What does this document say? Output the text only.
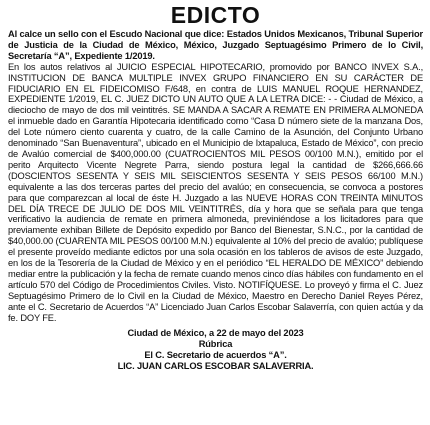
EDICTO

Al calce un sello con el Escudo Nacional que dice: Estados Unidos Mexicanos, Tribunal Superior de Justicia de la Ciudad de México, México, Juzgado Septuagésimo Primero de lo Civil, Secretaría “A”, Expediente 1/2019.

En los autos relativos al JUICIO ESPECIAL HIPOTECARIO, promovido por BANCO INVEX S.A., INSTITUCION DE BANCA MULTIPLE INVEX GRUPO FINANCIERO EN SU CARÁCTER DE FIDUCIARIO EN EL FIDEICOMISO F/648, en contra de LUIS MANUEL ROQUE HERNANDEZ, EXPEDIENTE 1/2019, EL C. JUEZ DICTO UN AUTO QUE A LA LETRA DICE: - - Ciudad de México, a dieciocho de mayo de dos mil veintitrés. SE MANDA A SACAR A REMATE EN PRIMERA ALMONEDA el inmueble dado en Garantía Hipotecaria identificado como “Casa D número siete de la manzana Dos, del Lote número ciento cuarenta y cuatro, de la calle Camino de la Asunción, del Conjunto Urbano denominado “San Buenaventura”, ubicado en el Municipio de Ixtapaluca, Estado de México”, con precio de Avalúo comercial de $400,000.00 (CUATROCIENTOS MIL PESOS 00/100 M.N.), emitido por el perito Arquitecto Vicente Negrete Parra, siendo postura legal la cantidad de $266,666.66 (DOSCIENTOS SESENTA Y SEIS MIL SEISCIENTOS SESENTA Y SEIS PESOS 66/100 M.N.) equivalente a las dos terceras partes del precio del avalúo; en consecuencia, se convoca a postores para que comparezcan al local de éste H. Juzgado a las NUEVE HORAS CON TREINTA MINUTOS DEL DÍA TRECE DE JULIO DE DOS MIL VEINTITRÉS, día y hora que se señala para que tenga verificativo la audiencia de remate en primera almoneda, previniéndose a los licitadores para que previamente exhiban Billete de Depósito expedido por Banco del Bienestar, S.N.C., por la cantidad de $40,000.00 (CUARENTA MIL PESOS 00/100 M.N.) equivalente al 10% del precio de avalúo; publíquese el presente proveído mediante edictos por una sola ocasión en los tableros de avisos de este Juzgado, en los de la Tesorería de la Ciudad de México y en el periódico “EL HERALDO DE MÉXICO” debiendo mediar entre la publicación y la fecha de remate cuando menos cinco días hábiles con fundamento en el artículo 570 del Código de Procedimientos Civiles. Visto. NOTIFÍQUESE. Lo proveyó y firma el C. Juez Septuagésimo Primero de lo Civil en la Ciudad de México, Maestro en Derecho Daniel Reyes Pérez, ante el C. Secretario de Acuerdos “A” Licenciado Juan Carlos Escobar Salaverría, con quien actúa y da fe. DOY FE.

Ciudad de México, a 22 de mayo del 2023
Rúbrica
El C. Secretario de acuerdos “A”.
LIC. JUAN CARLOS ESCOBAR SALAVERRIA.
